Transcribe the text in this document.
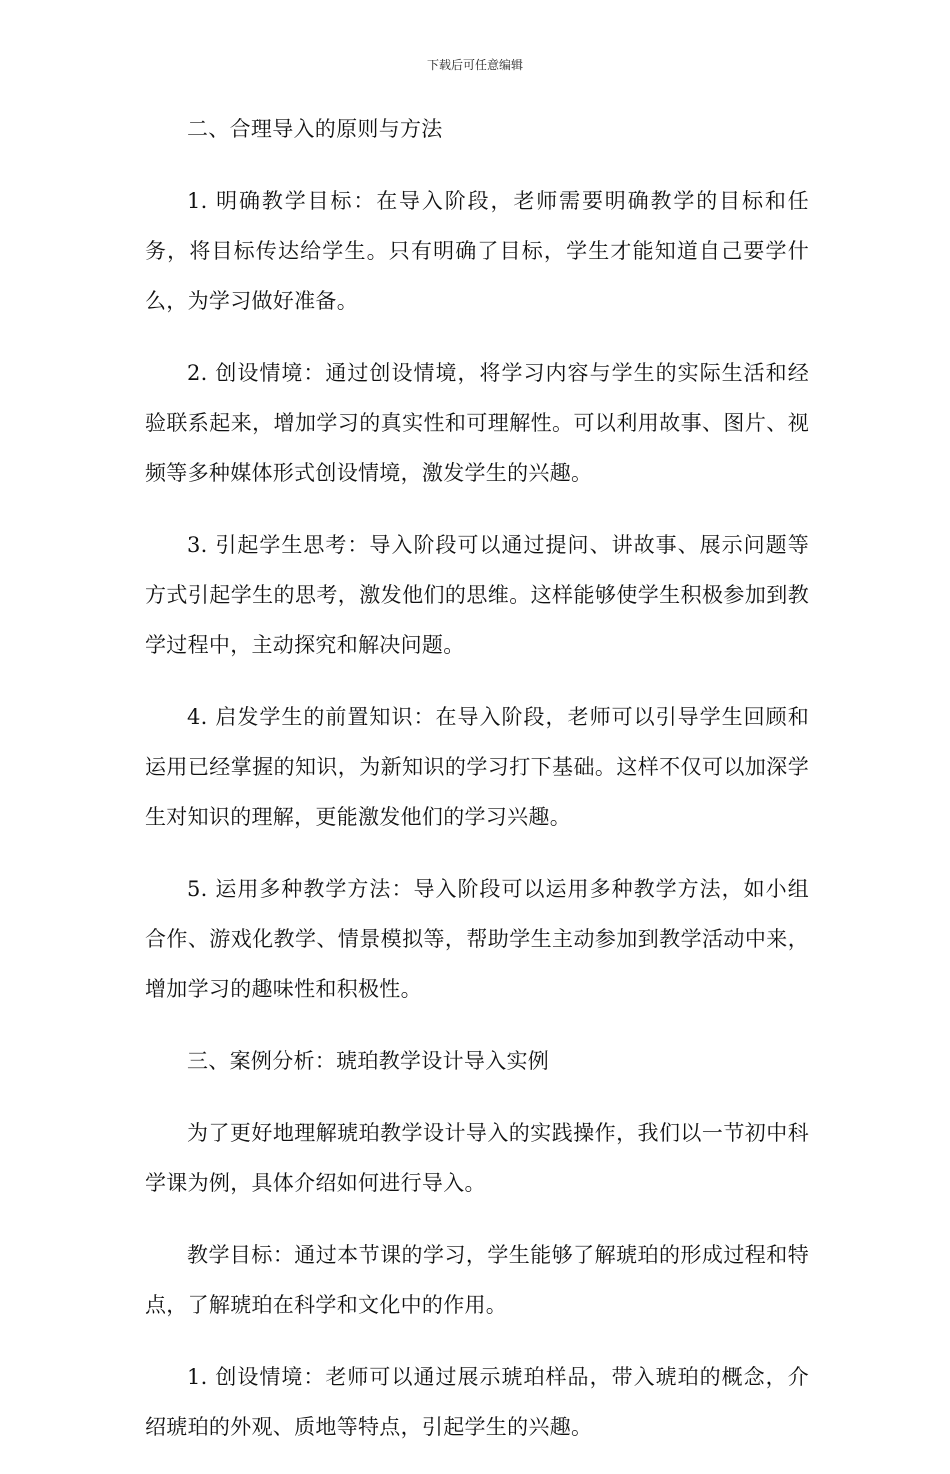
下载后可任意编辑

二、合理导入的原则与方法

1. 明确教学目标：在导入阶段，老师需要明确教学的目标和任务，将目标传达给学生。只有明确了目标，学生才能知道自己要学什么，为学习做好准备。

2. 创设情境：通过创设情境，将学习内容与学生的实际生活和经验联系起来，增加学习的真实性和可理解性。可以利用故事、图片、视频等多种媒体形式创设情境，激发学生的兴趣。

3. 引起学生思考：导入阶段可以通过提问、讲故事、展示问题等方式引起学生的思考，激发他们的思维。这样能够使学生积极参加到教学过程中，主动探究和解决问题。

4. 启发学生的前置知识：在导入阶段，老师可以引导学生回顾和运用已经掌握的知识，为新知识的学习打下基础。这样不仅可以加深学生对知识的理解，更能激发他们的学习兴趣。

5. 运用多种教学方法：导入阶段可以运用多种教学方法，如小组合作、游戏化教学、情景模拟等，帮助学生主动参加到教学活动中来，增加学习的趣味性和积极性。

三、案例分析：琥珀教学设计导入实例

为了更好地理解琥珀教学设计导入的实践操作，我们以一节初中科学课为例，具体介绍如何进行导入。

教学目标：通过本节课的学习，学生能够了解琥珀的形成过程和特点，了解琥珀在科学和文化中的作用。

1. 创设情境：老师可以通过展示琥珀样品，带入琥珀的概念，介绍琥珀的外观、质地等特点，引起学生的兴趣。
